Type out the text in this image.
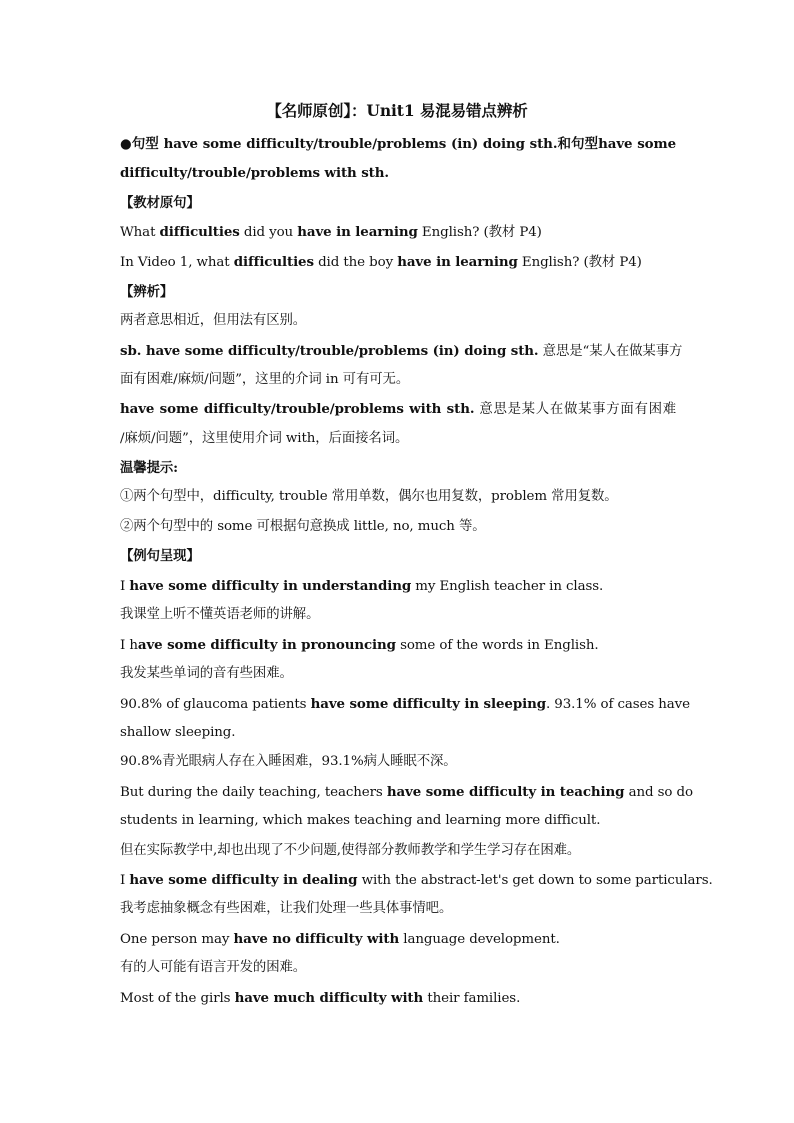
【名师原创】：Unit1 易混易错点辨析
●句型 have some difficulty/trouble/problems (in) doing sth.和句型have some
difficulty/trouble/problems with sth.
【教材原句】
What difficulties did you have in learning English? (教材 P4)
In Video 1, what difficulties did the boy have in learning English? (教材 P4)
【辨析】
两者意思相近，但用法有区别。
sb. have some difficulty/trouble/problems (in) doing sth. 意思是“某人在做某事方
面有困难/麻烦/问题”，这里的介词 in 可有可无。
have some difficulty/trouble/problems with sth. 意思是某人在做某事方面有困难
/麻烦/问题”，这里使用介词 with，后面接名词。
温馨提示:
①两个句型中，difficulty, trouble 常用单数，偶尔也用复数，problem 常用复数。
②两个句型中的 some 可根据句意换成 little, no, much 等。
【例句呈现】
I have some difficulty in understanding my English teacher in class.
我课堂上听不懂英语老师的讲解。
I have some difficulty in pronouncing some of the words in English.
我发某些单词的音有些困难。
90.8% of glaucoma patients have some difficulty in sleeping. 93.1% of cases have
shallow sleeping.
90.8%青光眼病人存在入睡困难，93.1%病人睡眠不深。
But during the daily teaching, teachers have some difficulty in teaching and so do
students in learning, which makes teaching and learning more difficult.
但在实际教学中,却也出现了不少问题,使得部分教师教学和学生学习存在困难。
I have some difficulty in dealing with the abstract-let's get down to some particulars.
我考虑抽象概念有些困难，让我们处理一些具体事情吧。
One person may have no difficulty with language development.
有的人可能有语言开发的困难。
Most of the girls have much difficulty with their families.
